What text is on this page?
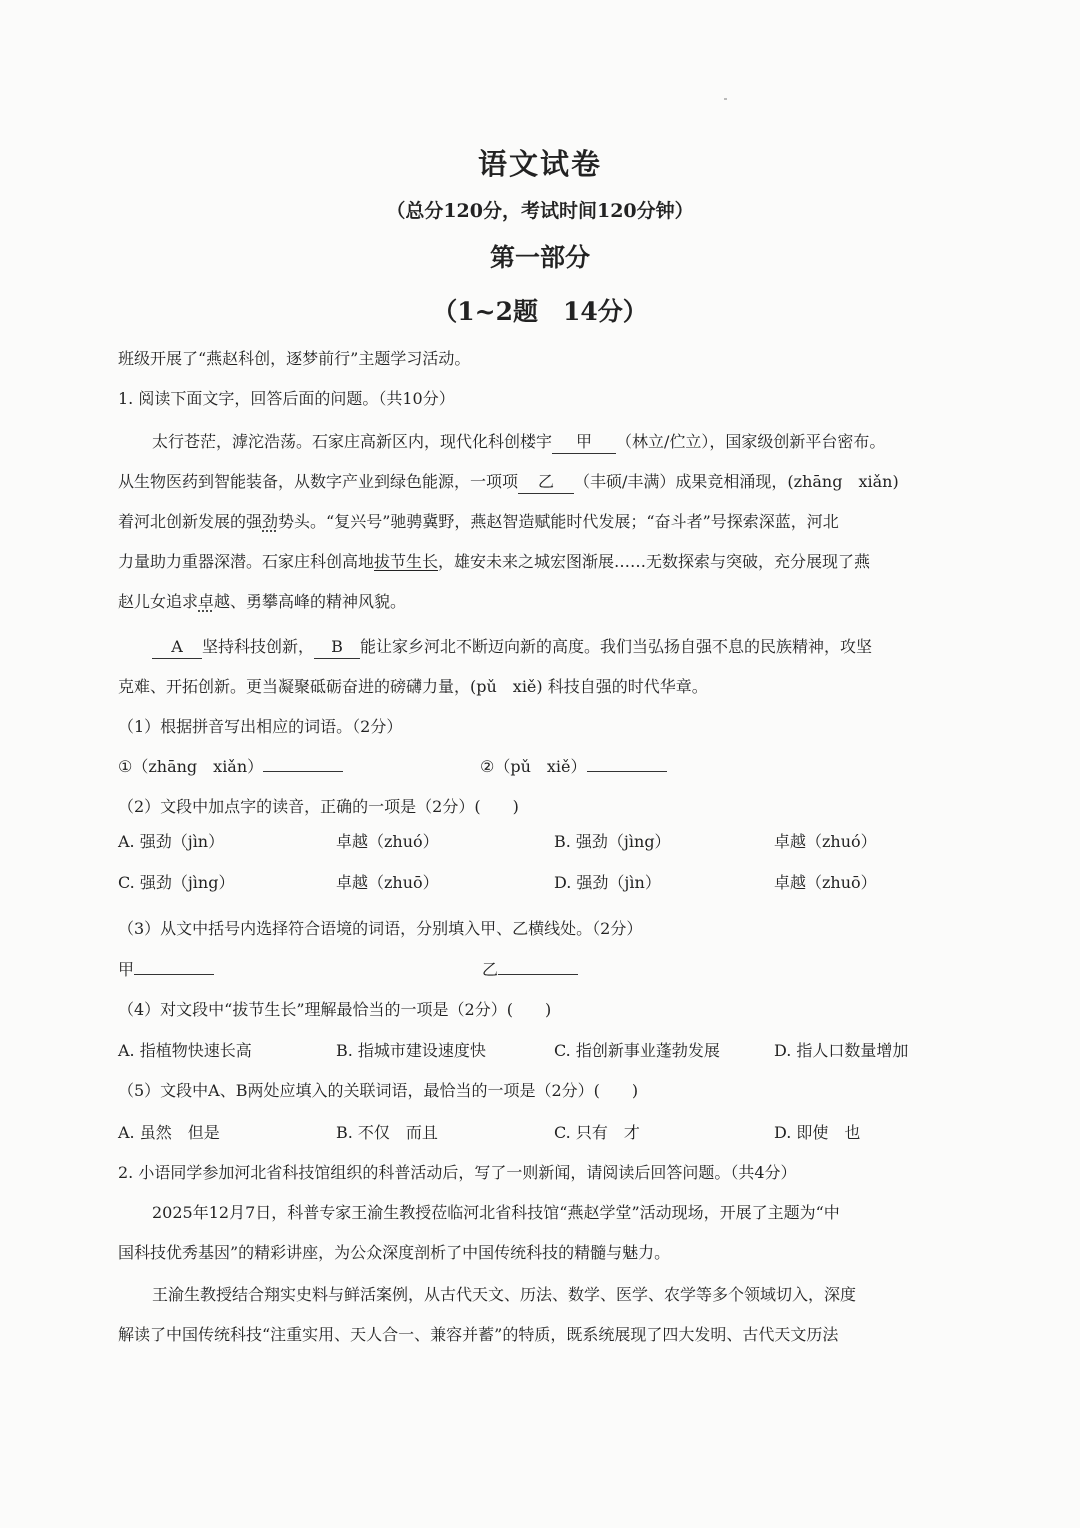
语文试卷
（总分120分，考试时间120分钟）
第一部分
（1~2题　14分）
班级开展了“燕赵科创，逐梦前行”主题学习活动。
1. 阅读下面文字，回答后面的问题。（共10分）
太行苍茫，滹沱浩荡。石家庄高新区内，现代化科创楼宇 甲 （林立/伫立），国家级创新平台密布。
从生物医药到智能装备，从数字产业到绿色能源，一项项 乙 （丰硕/丰满）成果竞相涌现，(zhāng　xiǎn)
着河北创新发展的强劲势头。“复兴号”驰骋冀野，燕赵智造赋能时代发展；“奋斗者”号探索深蓝，河北
力量助力重器深潜。石家庄科创高地拔节生长，雄安未来之城宏图渐展……无数探索与突破，充分展现了燕
赵儿女追求卓越、勇攀高峰的精神风貌。
A 坚持科技创新， B 能让家乡河北不断迈向新的高度。我们当弘扬自强不息的民族精神，攻坚
克难、开拓创新。更当凝聚砥砺奋进的磅礴力量，(pǔ　xiě) 科技自强的时代华章。
（1）根据拼音写出相应的词语。（2分）
①（zhāng　xiǎn）	②（pǔ　xiě）
（2）文段中加点字的读音，正确的一项是（2分）(　　)
A. 强劲（jìn）	卓越（zhuó）	B. 强劲（jìng）	卓越（zhuó）
C. 强劲（jìng）	卓越（zhuō）	D. 强劲（jìn）	卓越（zhuō）
（3）从文中括号内选择符合语境的词语，分别填入甲、乙横线处。（2分）
甲	乙
（4）对文段中“拔节生长”理解最恰当的一项是（2分）(　　)
A. 指植物快速长高	B. 指城市建设速度快	C. 指创新事业蓬勃发展	D. 指人口数量增加
（5）文段中A、B两处应填入的关联词语，最恰当的一项是（2分）(　　)
A. 虽然　但是	B. 不仅　而且	C. 只有　才	D. 即使　也
2. 小语同学参加河北省科技馆组织的科普活动后，写了一则新闻，请阅读后回答问题。（共4分）
2025年12月7日，科普专家王渝生教授莅临河北省科技馆“燕赵学堂”活动现场，开展了主题为“中
国科技优秀基因”的精彩讲座，为公众深度剖析了中国传统科技的精髓与魅力。
王渝生教授结合翔实史料与鲜活案例，从古代天文、历法、数学、医学、农学等多个领域切入，深度
解读了中国传统科技“注重实用、天人合一、兼容并蓄”的特质，既系统展现了四大发明、古代天文历法
